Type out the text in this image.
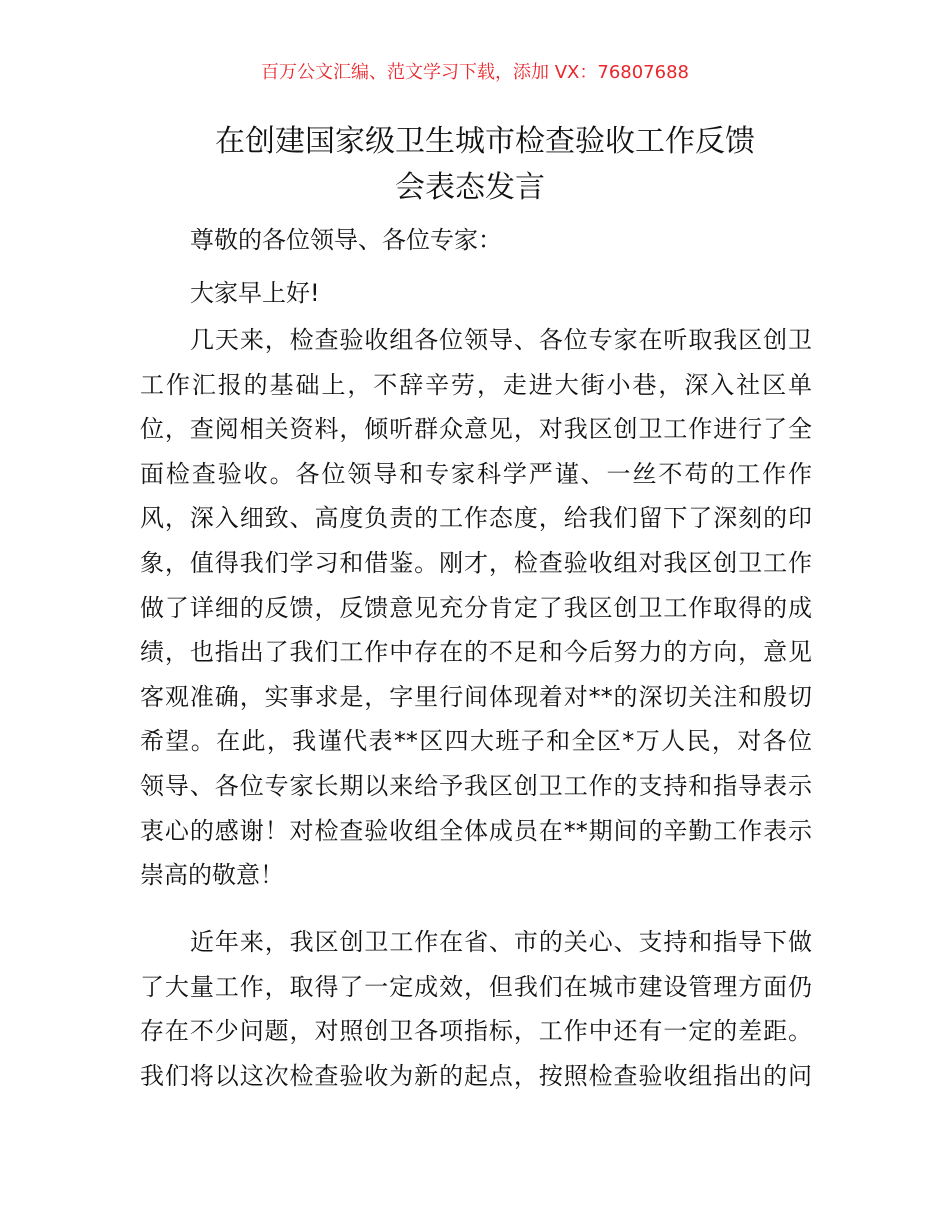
百万公文汇编、范文学习下载，添加 VX：76807688
在创建国家级卫生城市检查验收工作反馈
会表态发言
尊敬的各位领导、各位专家：
大家早上好!
几天来，检查验收组各位领导、各位专家在听取我区创卫
工作汇报的基础上，不辞辛劳，走进大街小巷，深入社区单
位，查阅相关资料，倾听群众意见，对我区创卫工作进行了全
面检查验收。各位领导和专家科学严谨、一丝不苟的工作作
风，深入细致、高度负责的工作态度，给我们留下了深刻的印
象，值得我们学习和借鉴。刚才，检查验收组对我区创卫工作
做了详细的反馈，反馈意见充分肯定了我区创卫工作取得的成
绩，也指出了我们工作中存在的不足和今后努力的方向，意见
客观准确，实事求是，字里行间体现着对**的深切关注和殷切
希望。在此，我谨代表**区四大班子和全区*万人民，对各位
领导、各位专家长期以来给予我区创卫工作的支持和指导表示
衷心的感谢！对检查验收组全体成员在**期间的辛勤工作表示
崇高的敬意！
近年来，我区创卫工作在省、市的关心、支持和指导下做
了大量工作，取得了一定成效，但我们在城市建设管理方面仍
存在不少问题，对照创卫各项指标，工作中还有一定的差距。
我们将以这次检查验收为新的起点，按照检查验收组指出的问
